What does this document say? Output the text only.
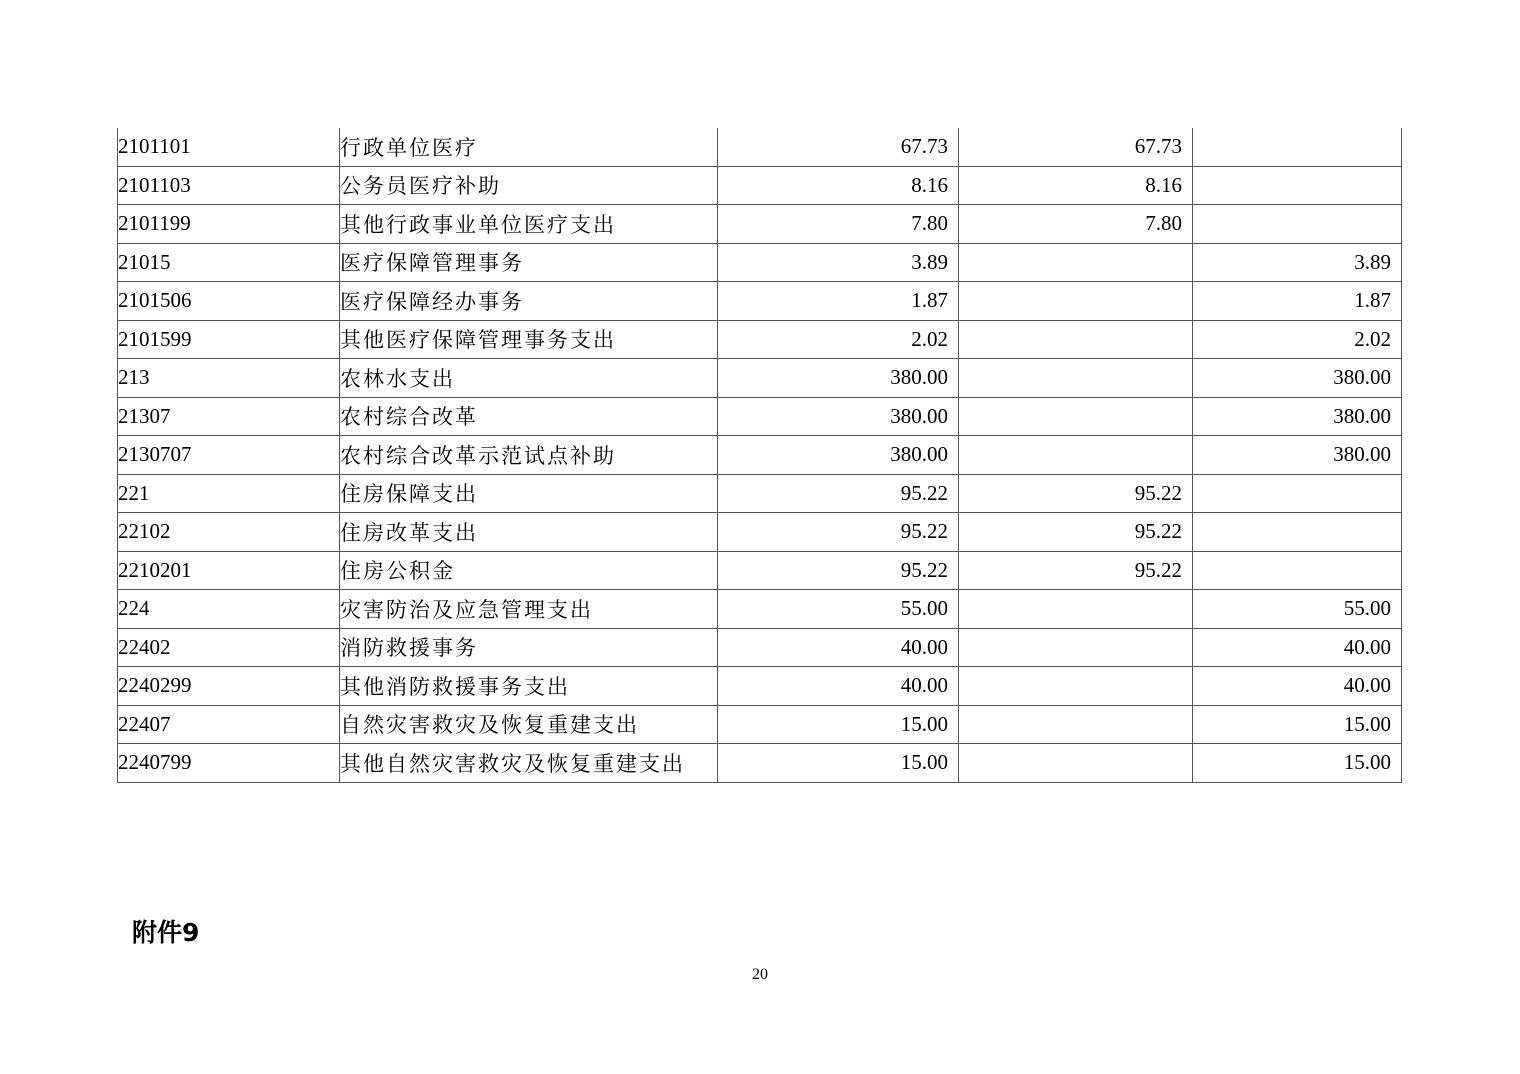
2101101	行政单位医疗	67.73	67.73	
2101103	公务员医疗补助	8.16	8.16	
2101199	其他行政事业单位医疗支出	7.80	7.80	
21015	医疗保障管理事务	3.89		3.89
2101506	医疗保障经办事务	1.87		1.87
2101599	其他医疗保障管理事务支出	2.02		2.02
213	农林水支出	380.00		380.00
21307	农村综合改革	380.00		380.00
2130707	农村综合改革示范试点补助	380.00		380.00
221	住房保障支出	95.22	95.22	
22102	住房改革支出	95.22	95.22	
2210201	住房公积金	95.22	95.22	
224	灾害防治及应急管理支出	55.00		55.00
22402	消防救援事务	40.00		40.00
2240299	其他消防救援事务支出	40.00		40.00
22407	自然灾害救灾及恢复重建支出	15.00		15.00
2240799	其他自然灾害救灾及恢复重建支出	15.00		15.00
附件9
20
